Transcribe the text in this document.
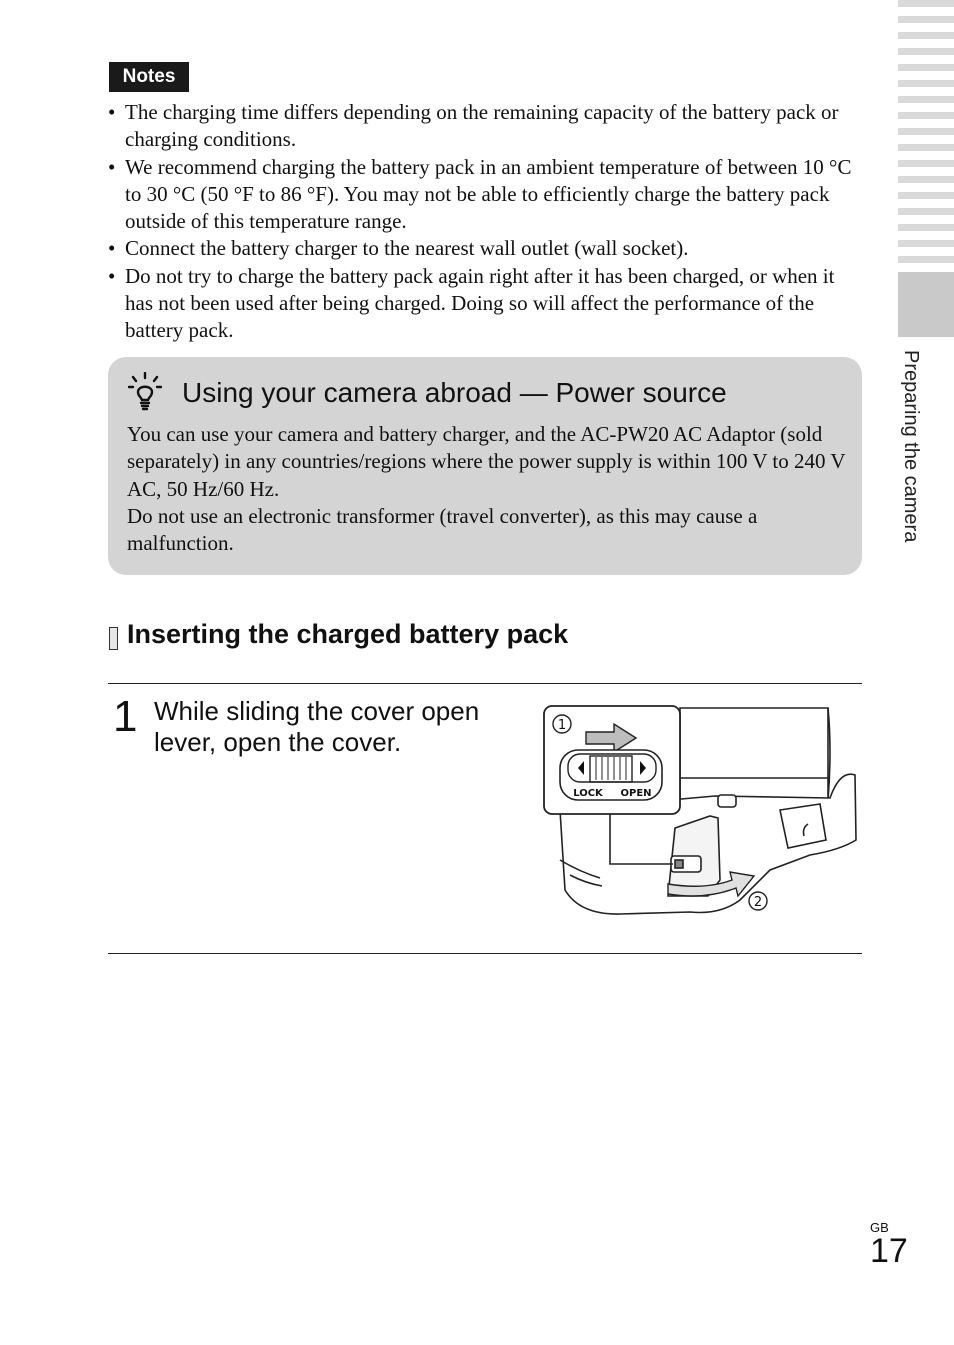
Preparing the camera
Notes
• The charging time differs depending on the remaining capacity of the battery pack or charging conditions.
• We recommend charging the battery pack in an ambient temperature of between 10 °C to 30 °C (50 °F to 86 °F). You may not be able to efficiently charge the battery pack outside of this temperature range.
• Connect the battery charger to the nearest wall outlet (wall socket).
• Do not try to charge the battery pack again right after it has been charged, or when it has not been used after being charged. Doing so will affect the performance of the battery pack.
Using your camera abroad — Power source

You can use your camera and battery charger, and the AC-PW20 AC Adaptor (sold separately) in any countries/regions where the power supply is within 100 V to 240 V AC, 50 Hz/60 Hz.

Do not use an electronic transformer (travel converter), as this may cause a malfunction.

Inserting the charged battery pack
1 While sliding the cover open lever, open the cover.
1
LOCK OPEN
2
GB
17
